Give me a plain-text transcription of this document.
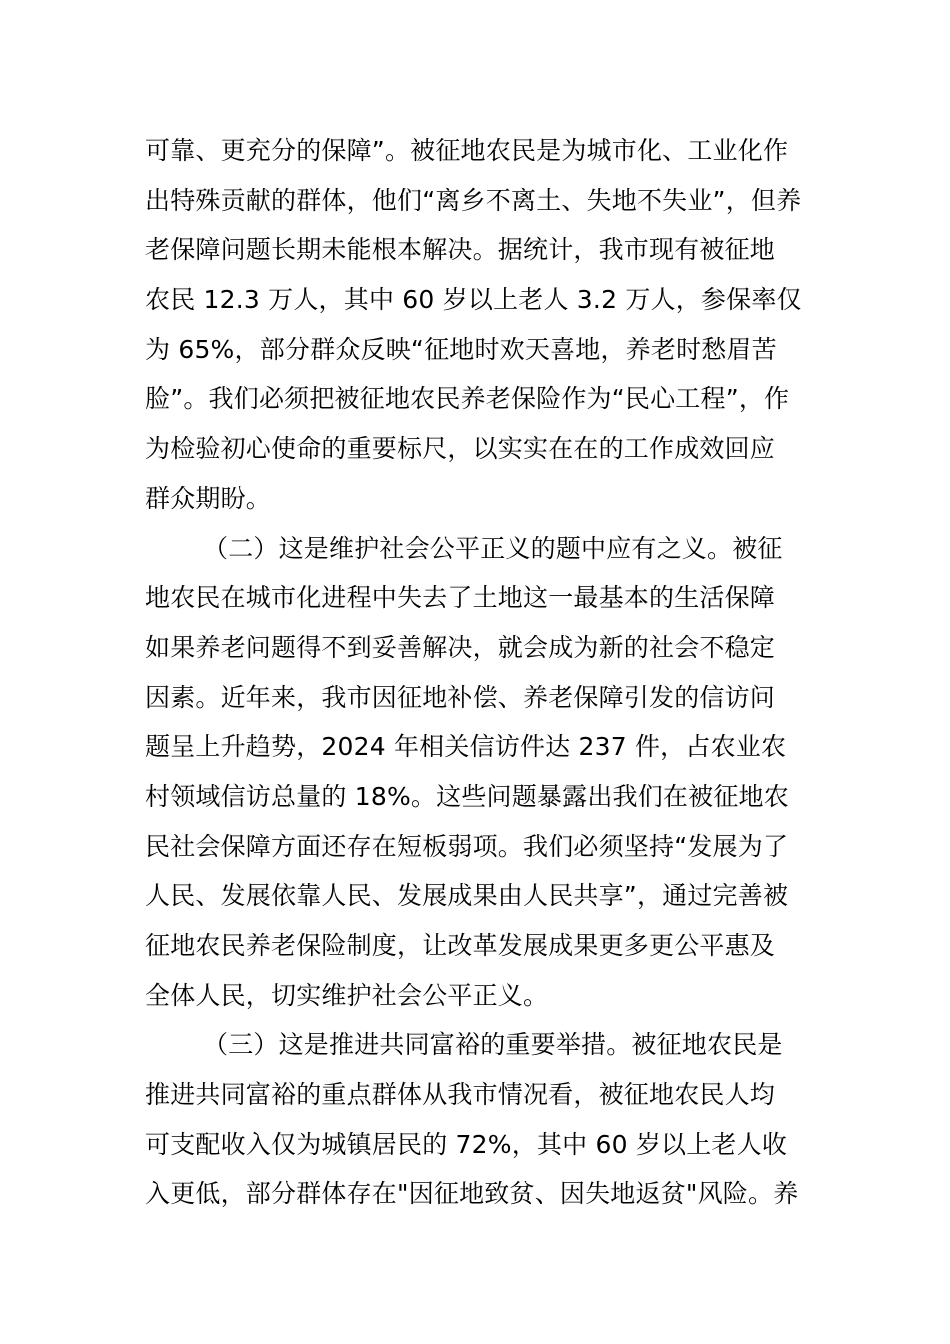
可靠、更充分的保障”。被征地农民是为城市化、工业化作
出特殊贡献的群体，他们“离乡不离土、失地不失业”，但养
老保障问题长期未能根本解决。据统计，我市现有被征地
农民 12.3 万人，其中 60 岁以上老人 3.2 万人，参保率仅
为 65%，部分群众反映“征地时欢天喜地，养老时愁眉苦
脸”。我们必须把被征地农民养老保险作为“民心工程”，作
为检验初心使命的重要标尺，以实实在在的工作成效回应
群众期盼。
（二）这是维护社会公平正义的题中应有之义。被征
地农民在城市化进程中失去了土地这一最基本的生活保障
如果养老问题得不到妥善解决，就会成为新的社会不稳定
因素。近年来，我市因征地补偿、养老保障引发的信访问
题呈上升趋势，2024 年相关信访件达 237 件，占农业农
村领域信访总量的 18%。这些问题暴露出我们在被征地农
民社会保障方面还存在短板弱项。我们必须坚持“发展为了
人民、发展依靠人民、发展成果由人民共享”，通过完善被
征地农民养老保险制度，让改革发展成果更多更公平惠及
全体人民，切实维护社会公平正义。
（三）这是推进共同富裕的重要举措。被征地农民是
推进共同富裕的重点群体从我市情况看，被征地农民人均
可支配收入仅为城镇居民的 72%，其中 60 岁以上老人收
入更低，部分群体存在"因征地致贫、因失地返贫"风险。养
